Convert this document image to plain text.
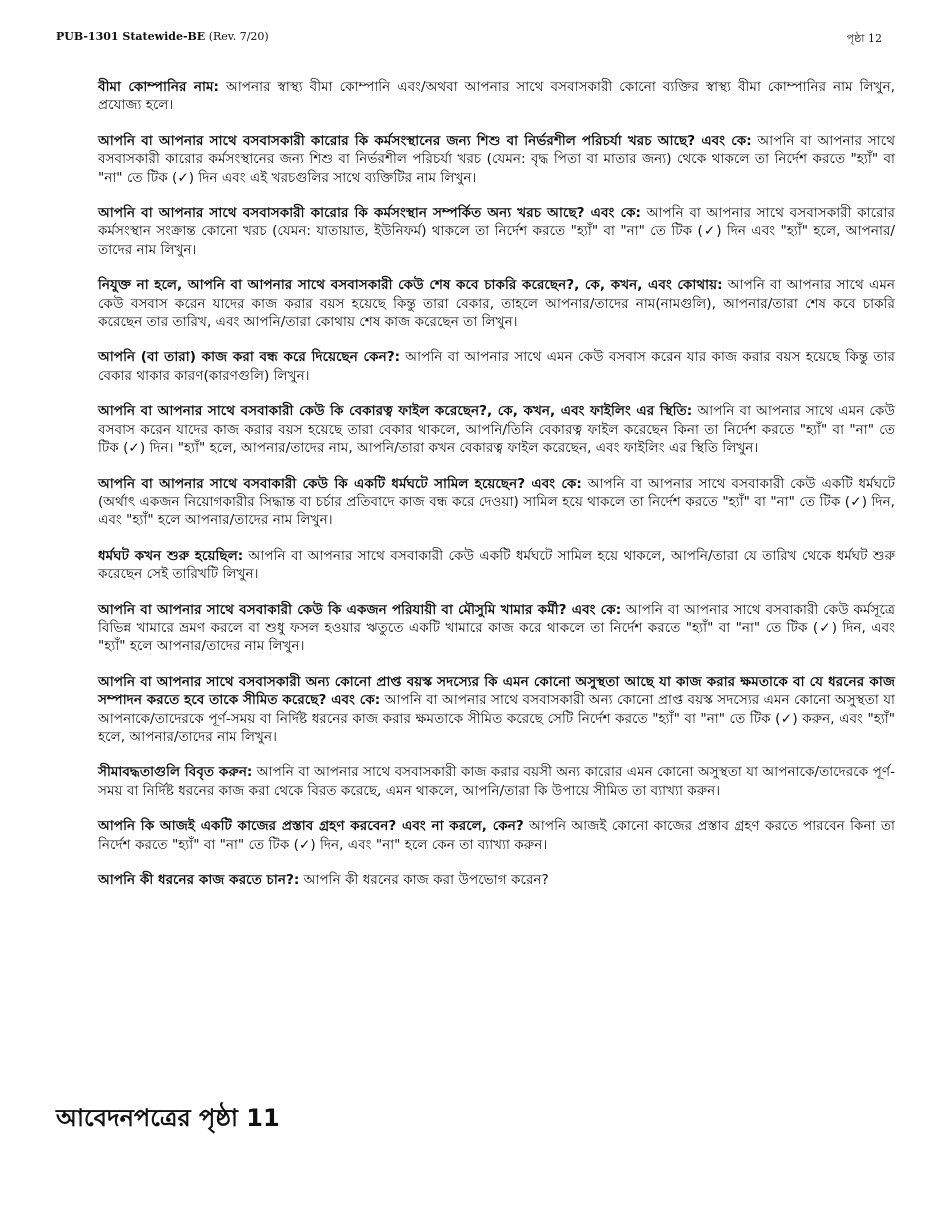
PUB-1301 Statewide-BE (Rev. 7/20)	পৃষ্ঠা 12

বীমা কোম্পানির নাম: আপনার স্বাস্থ্য বীমা কোম্পানি এবং/অথবা আপনার সাথে বসবাসকারী কোনো ব্যক্তির স্বাস্থ্য বীমা কোম্পানির নাম লিখুন, প্রযোজ্য হলে।

আপনি বা আপনার সাথে বসবাসকারী কারোর কি কর্মসংস্থানের জন্য শিশু বা নির্ভরশীল পরিচর্যা খরচ আছে? এবং কে: আপনি বা আপনার সাথে বসবাসকারী কারোর কর্মসংস্থানের জন্য শিশু বা নির্ভরশীল পরিচর্যা খরচ (যেমন: বৃদ্ধ পিতা বা মাতার জন্য) থেকে থাকলে তা নির্দেশ করতে "হ্যাঁ" বা "না" তে টিক (✓) দিন এবং এই খরচগুলির সাথে ব্যক্তিটির নাম লিখুন।

আপনি বা আপনার সাথে বসবাসকারী কারোর কি কর্মসংস্থান সম্পর্কিত অন্য খরচ আছে? এবং কে: আপনি বা আপনার সাথে বসবাসকারী কারোর কর্মসংস্থান সংক্রান্ত কোনো খরচ (যেমন: যাতায়াত, ইউনিফর্ম) থাকলে তা নির্দেশ করতে "হ্যাঁ" বা "না" তে টিক (✓) দিন এবং "হ্যাঁ" হলে, আপনার/তাদের নাম লিখুন।

নিযুক্ত না হলে, আপনি বা আপনার সাথে বসবাসকারী কেউ শেষ কবে চাকরি করেছেন?, কে, কখন, এবং কোথায়: আপনি বা আপনার সাথে এমন কেউ বসবাস করেন যাদের কাজ করার বয়স হয়েছে কিন্তু তারা বেকার, তাহলে আপনার/তাদের নাম(নামগুলি), আপনার/তারা শেষ কবে চাকরি করেছেন তার তারিখ, এবং আপনি/তারা কোথায় শেষ কাজ করেছেন তা লিখুন।

আপনি (বা তারা) কাজ করা বন্ধ করে দিয়েছেন কেন?: আপনি বা আপনার সাথে এমন কেউ বসবাস করেন যার কাজ করার বয়স হয়েছে কিন্তু তার বেকার থাকার কারণ(কারণগুলি) লিখুন।

আপনি বা আপনার সাথে বসবাকারী কেউ কি বেকারত্ব ফাইল করেছেন?, কে, কখন, এবং ফাইলিং এর স্থিতি: আপনি বা আপনার সাথে এমন কেউ বসবাস করেন যাদের কাজ করার বয়স হয়েছে তারা বেকার থাকলে, আপনি/তিনি বেকারত্ব ফাইল করেছেন কিনা তা নির্দেশ করতে "হ্যাঁ" বা "না" তে টিক (✓) দিন। "হ্যাঁ" হলে, আপনার/তাদের নাম, আপনি/তারা কখন বেকারত্ব ফাইল করেছেন, এবং ফাইলিং এর স্থিতি লিখুন।

আপনি বা আপনার সাথে বসবাকারী কেউ কি একটি ধর্মঘটে সামিল হয়েছেন? এবং কে: আপনি বা আপনার সাথে বসবাকারী কেউ একটি ধর্মঘটে (অর্থাৎ একজন নিয়োগকারীর সিদ্ধান্ত বা চর্চার প্রতিবাদে কাজ বন্ধ করে দেওয়া) সামিল হয়ে থাকলে তা নির্দেশ করতে "হ্যাঁ" বা "না" তে টিক (✓) দিন, এবং "হ্যাঁ" হলে আপনার/তাদের নাম লিখুন।

ধর্মঘট কখন শুরু হয়েছিল: আপনি বা আপনার সাথে বসবাকারী কেউ একটি ধর্মঘটে সামিল হয়ে থাকলে, আপনি/তারা যে তারিখ থেকে ধর্মঘট শুরু করেছেন সেই তারিখটি লিখুন।

আপনি বা আপনার সাথে বসবাকারী কেউ কি একজন পরিযায়ী বা মৌসুমি খামার কর্মী? এবং কে: আপনি বা আপনার সাথে বসবাকারী কেউ কর্মসূত্রে বিভিন্ন খামারে ভ্রমণ করলে বা শুধু ফসল হওয়ার ঋতুতে একটি খামারে কাজ করে থাকলে তা নির্দেশ করতে "হ্যাঁ" বা "না" তে টিক (✓) দিন, এবং "হ্যাঁ" হলে আপনার/তাদের নাম লিখুন।

আপনি বা আপনার সাথে বসবাসকারী অন্য কোনো প্রাপ্ত বয়স্ক সদস্যের কি এমন কোনো অসুস্থতা আছে যা কাজ করার ক্ষমতাকে বা যে ধরনের কাজ সম্পাদন করতে হবে তাকে সীমিত করেছে? এবং কে: আপনি বা আপনার সাথে বসবাসকারী অন্য কোনো প্রাপ্ত বয়স্ক সদস্যের এমন কোনো অসুস্থতা যা আপনাকে/তাদেরকে পূর্ণ-সময় বা নির্দিষ্ট ধরনের কাজ করার ক্ষমতাকে সীমিত করেছে সেটি নির্দেশ করতে "হ্যাঁ" বা "না" তে টিক (✓) করুন, এবং "হ্যাঁ" হলে, আপনার/তাদের নাম লিখুন।

সীমাবদ্ধতাগুলি বিবৃত করুন: আপনি বা আপনার সাথে বসবাসকারী কাজ করার বয়সী অন্য কারোর এমন কোনো অসুস্থতা যা আপনাকে/তাদেরকে পূর্ণ-সময় বা নির্দিষ্ট ধরনের কাজ করা থেকে বিরত করেছে, এমন থাকলে, আপনি/তারা কি উপায়ে সীমিত তা ব্যাখ্যা করুন।

আপনি কি আজই একটি কাজের প্রস্তাব গ্রহণ করবেন? এবং না করলে, কেন? আপনি আজই কোনো কাজের প্রস্তাব গ্রহণ করতে পারবেন কিনা তা নির্দেশ করতে "হ্যাঁ" বা "না" তে টিক (✓) দিন, এবং "না" হলে কেন তা ব্যাখ্যা করুন।

আপনি কী ধরনের কাজ করতে চান?: আপনি কী ধরনের কাজ করা উপভোগ করেন?

আবেদনপত্রের পৃষ্ঠা 11
